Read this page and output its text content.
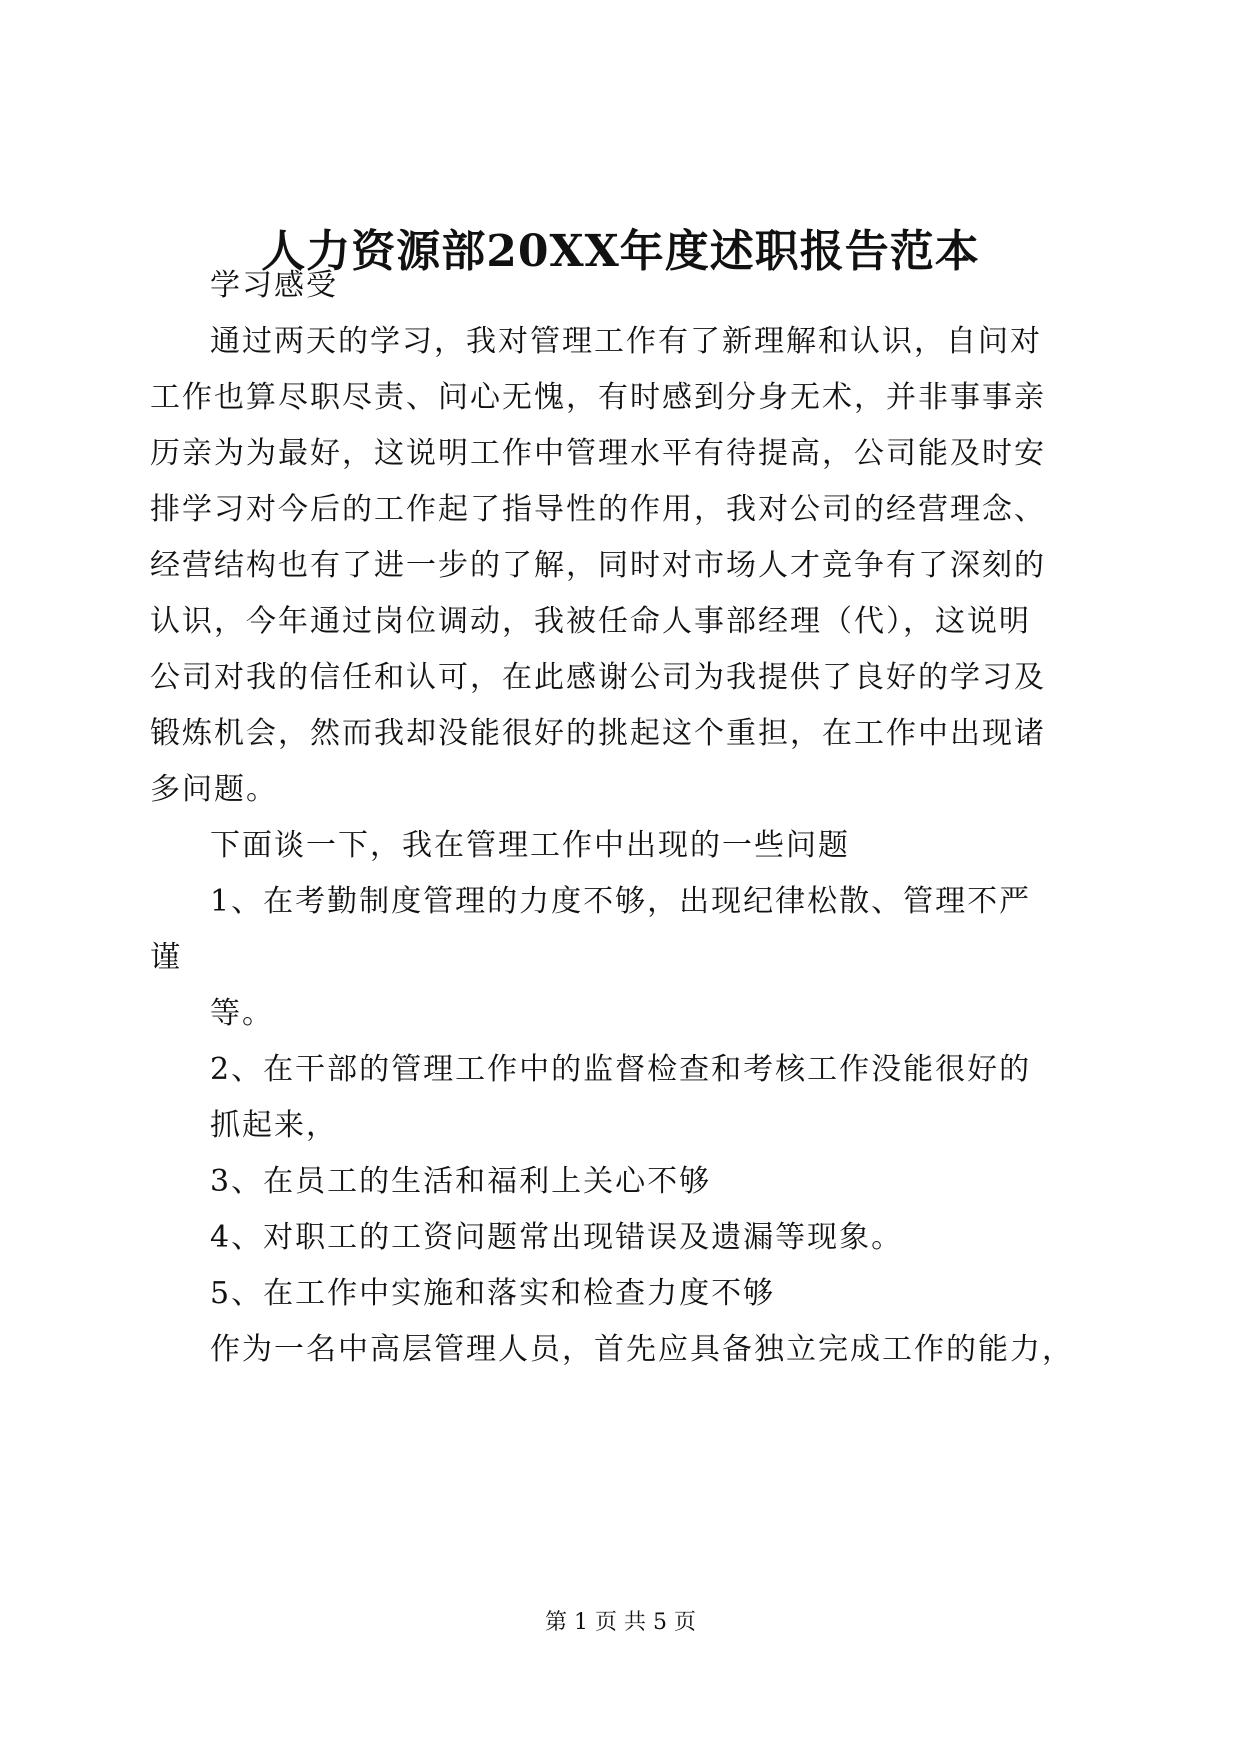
人力资源部20XX年度述职报告范本
学习感受
通过两天的学习，我对管理工作有了新理解和认识，自问对
工作也算尽职尽责、问心无愧，有时感到分身无术，并非事事亲
历亲为为最好，这说明工作中管理水平有待提高，公司能及时安
排学习对今后的工作起了指导性的作用，我对公司的经营理念、
经营结构也有了进一步的了解，同时对市场人才竞争有了深刻的
认识，今年通过岗位调动，我被任命人事部经理（代），这说明
公司对我的信任和认可，在此感谢公司为我提供了良好的学习及
锻炼机会，然而我却没能很好的挑起这个重担，在工作中出现诸
多问题。
下面谈一下，我在管理工作中出现的一些问题
1、在考勤制度管理的力度不够，出现纪律松散、管理不严
谨
等。
2、在干部的管理工作中的监督检查和考核工作没能很好的
抓起来，
3、在员工的生活和福利上关心不够
4、对职工的工资问题常出现错误及遗漏等现象。
5、在工作中实施和落实和检查力度不够
作为一名中高层管理人员，首先应具备独立完成工作的能力，
第 1 页 共 5 页
